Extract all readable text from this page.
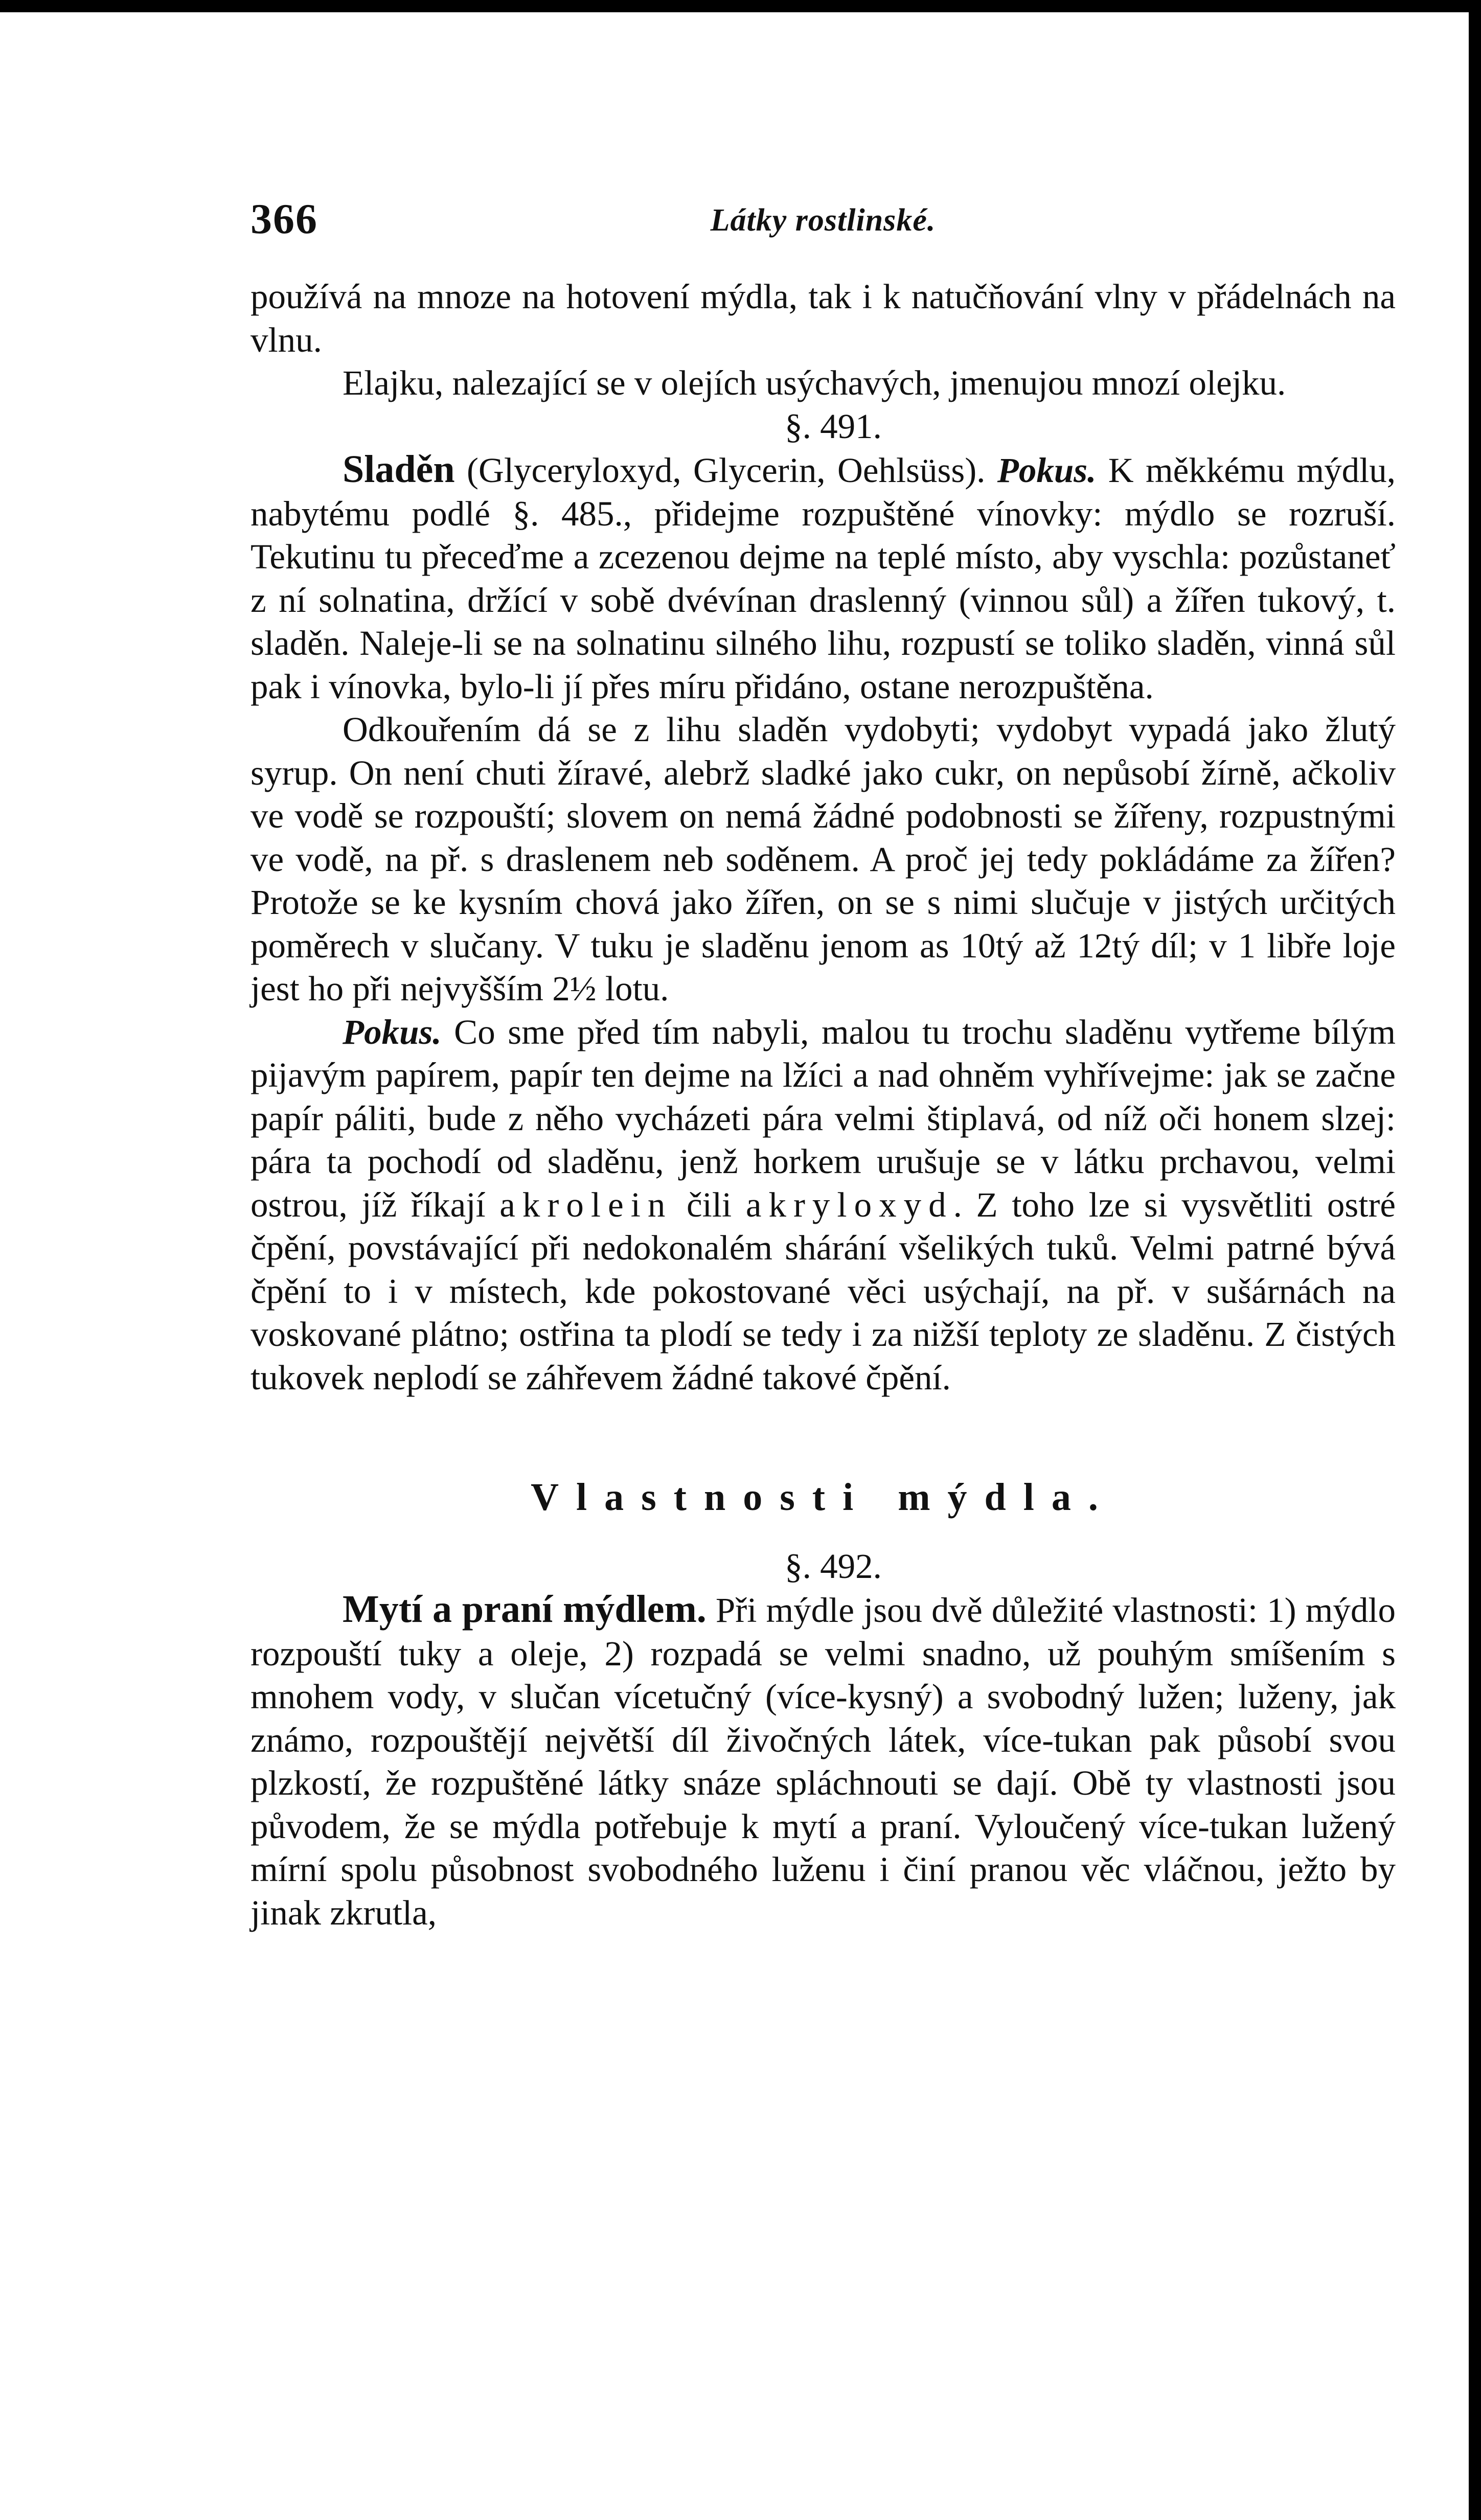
366	Látky rostlinské.

používá na mnoze na hotovení mýdla, tak i k natučňování vlny v přádelnách na vlnu.

Elajku, nalezající se v olejích usýchavých, jmenujou mnozí olejku.

§. 491.

Sladěn (Glyceryloxyd, Glycerin, Oehlsüss). Pokus. K měkkému mýdlu, nabytému podlé §. 485., přidejme rozpuštěné vínovky: mýdlo se rozruší. Tekutinu tu přeceďme a zcezenou dejme na teplé místo, aby vyschla: pozůstaneť z ní solnatina, držící v sobě dvévínan draslenný (vinnou sůl) a žířen tukový, t. sladěn. Naleje-li se na solnatinu silného lihu, rozpustí se toliko sladěn, vinná sůl pak i vínovka, bylo-li jí přes míru přidáno, ostane nerozpuštěna.

Odkouřením dá se z lihu sladěn vydobyti; vydobyt vypadá jako žlutý syrup. On není chuti žíravé, alebrž sladké jako cukr, on nepůsobí žírně, ačkoliv ve vodě se rozpouští; slovem on nemá žádné podobnosti se žířeny, rozpustnými ve vodě, na př. s draslenem neb soděnem. A proč jej tedy pokládáme za žířen? Protože se ke kysním chová jako žířen, on se s nimi slučuje v jistých určitých poměrech v slučany. V tuku je sladěnu jenom as 10tý až 12tý díl; v 1 libře loje jest ho při nejvyšším 2½ lotu.

Pokus. Co sme před tím nabyli, malou tu trochu sladěnu vytřeme bílým pijavým papírem, papír ten dejme na lžíci a nad ohněm vyhřívejme: jak se začne papír páliti, bude z něho vycházeti pára velmi štiplavá, od níž oči honem slzej: pára ta pochodí od sladěnu, jenž horkem urušuje se v látku prchavou, velmi ostrou, jíž říkají akrolein čili akryloxyd. Z toho lze si vysvětliti ostré čpění, povstávající při nedokonalém shárání všelikých tuků. Velmi patrné bývá čpění to i v místech, kde pokostované věci usýchají, na př. v sušárnách na voskované plátno; ostřina ta plodí se tedy i za nižší teploty ze sladěnu. Z čistých tukovek neplodí se záhřevem žádné takové čpění.

Vlastnosti mýdla.

§. 492.

Mytí a praní mýdlem. Při mýdle jsou dvě důležité vlastnosti: 1) mýdlo rozpouští tuky a oleje, 2) rozpadá se velmi snadno, už pouhým smíšením s mnohem vody, v slučan vícetučný (více-kysný) a svobodný lužen; luženy, jak známo, rozpouštějí největší díl živočných látek, více-tukan pak působí svou plzkostí, že rozpuštěné látky snáze spláchnouti se dají. Obě ty vlastnosti jsou původem, že se mýdla potřebuje k mytí a praní. Vyloučený více-tukan lužený mírní spolu působnost svobodného luženu i činí pranou věc vláčnou, ježto by jinak zkrutla,
